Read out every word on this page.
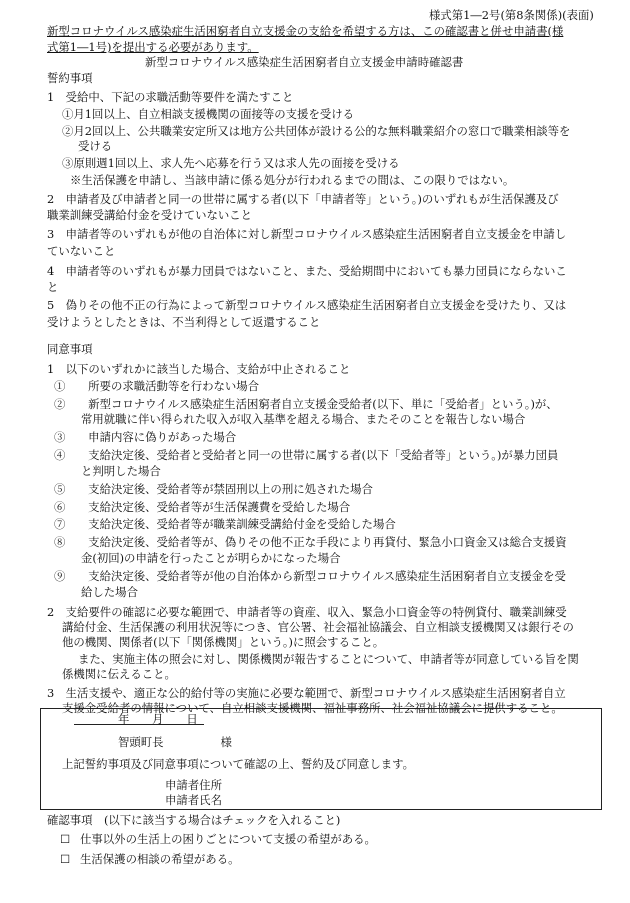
様式第1―2号(第8条関係)(表面)
新型コロナウイルス感染症生活困窮者自立支援金の支給を希望する方は、この確認書と併せ申請書(様
式第1―1号)を提出する必要があります。
新型コロナウイルス感染症生活困窮者自立支援金申請時確認書
誓約事項
1　受給中、下記の求職活動等要件を満たすこと
①月1回以上、自立相談支援機関の面接等の支援を受ける
②月2回以上、公共職業安定所又は地方公共団体が設ける公的な無料職業紹介の窓口で職業相談等を
受ける
③原則週1回以上、求人先へ応募を行う又は求人先の面接を受ける
※生活保護を申請し、当該申請に係る処分が行われるまでの間は、この限りではない。
2　申請者及び申請者と同一の世帯に属する者(以下「申請者等」という。)のいずれもが生活保護及び
職業訓練受講給付金を受けていないこと
3　申請者等のいずれもが他の自治体に対し新型コロナウイルス感染症生活困窮者自立支援金を申請し
ていないこと
4　申請者等のいずれもが暴力団員ではないこと、また、受給期間中においても暴力団員にならないこ
と
5　偽りその他不正の行為によって新型コロナウイルス感染症生活困窮者自立支援金を受けたり、又は
受けようとしたときは、不当利得として返還すること
同意事項
1　以下のいずれかに該当した場合、支給が中止されること
①　　所要の求職活動等を行わない場合
②　　新型コロナウイルス感染症生活困窮者自立支援金受給者(以下、単に「受給者」という。)が、
常用就職に伴い得られた収入が収入基準を超える場合、またそのことを報告しない場合
③　　申請内容に偽りがあった場合
④　　支給決定後、受給者と受給者と同一の世帯に属する者(以下「受給者等」という。)が暴力団員
と判明した場合
⑤　　支給決定後、受給者等が禁固刑以上の刑に処された場合
⑥　　支給決定後、受給者等が生活保護費を受給した場合
⑦　　支給決定後、受給者等が職業訓練受講給付金を受給した場合
⑧　　支給決定後、受給者等が、偽りその他不正な手段により再貸付、緊急小口資金又は総合支援資
金(初回)の申請を行ったことが明らかになった場合
⑨　　支給決定後、受給者等が他の自治体から新型コロナウイルス感染症生活困窮者自立支援金を受
給した場合
2　支給要件の確認に必要な範囲で、申請者等の資産、収入、緊急小口資金等の特例貸付、職業訓練受
講給付金、生活保護の利用状況等につき、官公署、社会福祉協議会、自立相談支援機関又は銀行その
他の機関、関係者(以下「関係機関」という。)に照会すること。
また、実施主体の照会に対し、関係機関が報告することについて、申請者等が同意している旨を関
係機関に伝えること。
3　生活支援や、適正な公的給付等の実施に必要な範囲で、新型コロナウイルス感染症生活困窮者自立
支援金受給者の情報について、自立相談支援機関、福祉事務所、社会福祉協議会に提供すること。
年　　月　　日
智頭町長　　　　　様
上記誓約事項及び同意事項について確認の上、誓約及び同意します。
申請者住所
申請者氏名
確認事項　(以下に該当する場合はチェックを入れること)
☐ 仕事以外の生活上の困りごとについて支援の希望がある。
☐ 生活保護の相談の希望がある。
